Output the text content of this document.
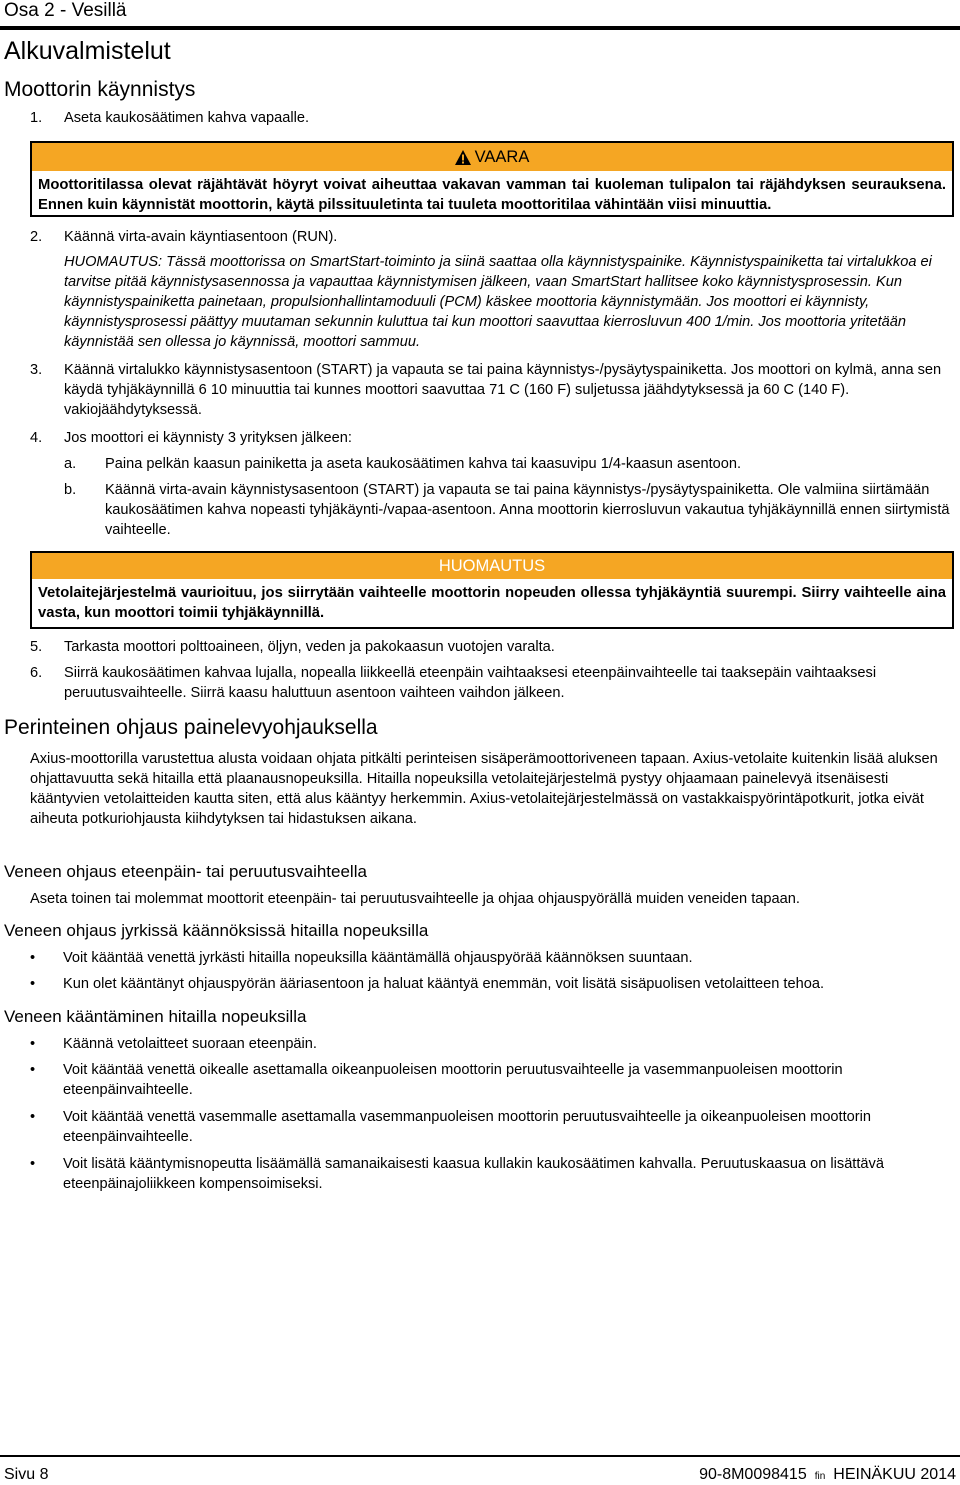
Osa 2 - Vesillä
Alkuvalmistelut
Moottorin käynnistys
1. Aseta kaukosäätimen kahva vapaalle.
VAARA
Moottoritilassa olevat räjähtävät höyryt voivat aiheuttaa vakavan vamman tai kuoleman tulipalon tai räjähdyksen seurauksena. Ennen kuin käynnistät moottorin, käytä pilssituuletinta tai tuuleta moottoritilaa vähintään viisi minuuttia.
2. Käännä virta-avain käyntiasentoon (RUN).
HUOMAUTUS: Tässä moottorissa on SmartStart-toiminto ja siinä saattaa olla käynnistyspainike. Käynnistyspainiketta tai virtalukkoa ei tarvitse pitää käynnistysasennossa ja vapauttaa käynnistymisen jälkeen, vaan SmartStart hallitsee koko käynnistysprosessin. Kun käynnistyspainiketta painetaan, propulsionhallintamoduuli (PCM) käskee moottoria käynnistymään. Jos moottori ei käynnisty, käynnistysprosessi päättyy muutaman sekunnin kuluttua tai kun moottori saavuttaa kierrosluvun 400 1/min. Jos moottoria yritetään käynnistää sen ollessa jo käynnissä, moottori sammuu.
3. Käännä virtalukko käynnistysasentoon (START) ja vapauta se tai paina käynnistys-/pysäytyspainiketta. Jos moottori on kylmä, anna sen käydä tyhjäkäynnillä 6 10 minuuttia tai kunnes moottori saavuttaa 71 C (160 F) suljetussa jäähdytyksessä ja 60 C (140 F). vakiojäähdytyksessä.
4. Jos moottori ei käynnisty 3 yrityksen jälkeen:
a. Paina pelkän kaasun painiketta ja aseta kaukosäätimen kahva tai kaasuvipu 1/4-kaasun asentoon.
b. Käännä virta-avain käynnistysasentoon (START) ja vapauta se tai paina käynnistys-/pysäytyspainiketta. Ole valmiina siirtämään kaukosäätimen kahva nopeasti tyhjäkäynti-/vapaa-asentoon. Anna moottorin kierrosluvun vakautua tyhjäkäynnillä ennen siirtymistä vaihteelle.
HUOMAUTUS
Vetolaitejärjestelmä vaurioituu, jos siirrytään vaihteelle moottorin nopeuden ollessa tyhjäkäyntiä suurempi. Siirry vaihteelle aina vasta, kun moottori toimii tyhjäkäynnillä.
5. Tarkasta moottori polttoaineen, öljyn, veden ja pakokaasun vuotojen varalta.
6. Siirrä kaukosäätimen kahvaa lujalla, nopealla liikkeellä eteenpäin vaihtaaksesi eteenpäinvaihteelle tai taaksepäin vaihtaaksesi peruutusvaihteelle. Siirrä kaasu haluttuun asentoon vaihteen vaihdon jälkeen.
Perinteinen ohjaus painelevyohjauksella
Axius-moottorilla varustettua alusta voidaan ohjata pitkälti perinteisen sisäperämoottoriveneen tapaan. Axius-vetolaite kuitenkin lisää aluksen ohjattavuutta sekä hitailla että plaanausnopeuksilla. Hitailla nopeuksilla vetolaitejärjestelmä pystyy ohjaamaan painelevyä itsenäisesti kääntyvien vetolaitteiden kautta siten, että alus kääntyy herkemmin. Axius-vetolaitejärjestelmässä on vastakkaispyörintäpotkurit, jotka eivät aiheuta potkuriohjausta kiihdytyksen tai hidastuksen aikana.
Veneen ohjaus eteenpäin- tai peruutusvaihteella
Aseta toinen tai molemmat moottorit eteenpäin- tai peruutusvaihteelle ja ohjaa ohjauspyörällä muiden veneiden tapaan.
Veneen ohjaus jyrkissä käännöksissä hitailla nopeuksilla
• Voit kääntää venettä jyrkästi hitailla nopeuksilla kääntämällä ohjauspyörää käännöksen suuntaan.
• Kun olet kääntänyt ohjauspyörän ääriasentoon ja haluat kääntyä enemmän, voit lisätä sisäpuolisen vetolaitteen tehoa.
Veneen kääntäminen hitailla nopeuksilla
• Käännä vetolaitteet suoraan eteenpäin.
• Voit kääntää venettä oikealle asettamalla oikeanpuoleisen moottorin peruutusvaihteelle ja vasemmanpuoleisen moottorin eteenpäinvaihteelle.
• Voit kääntää venettä vasemmalle asettamalla vasemmanpuoleisen moottorin peruutusvaihteelle ja oikeanpuoleisen moottorin eteenpäinvaihteelle.
• Voit lisätä kääntymisnopeutta lisäämällä samanaikaisesti kaasua kullakin kaukosäätimen kahvalla. Peruutuskaasua on lisättävä eteenpäinajoliikkeen kompensoimiseksi.
Sivu 8	90-8M0098415 fin HEINÄKUU 2014
